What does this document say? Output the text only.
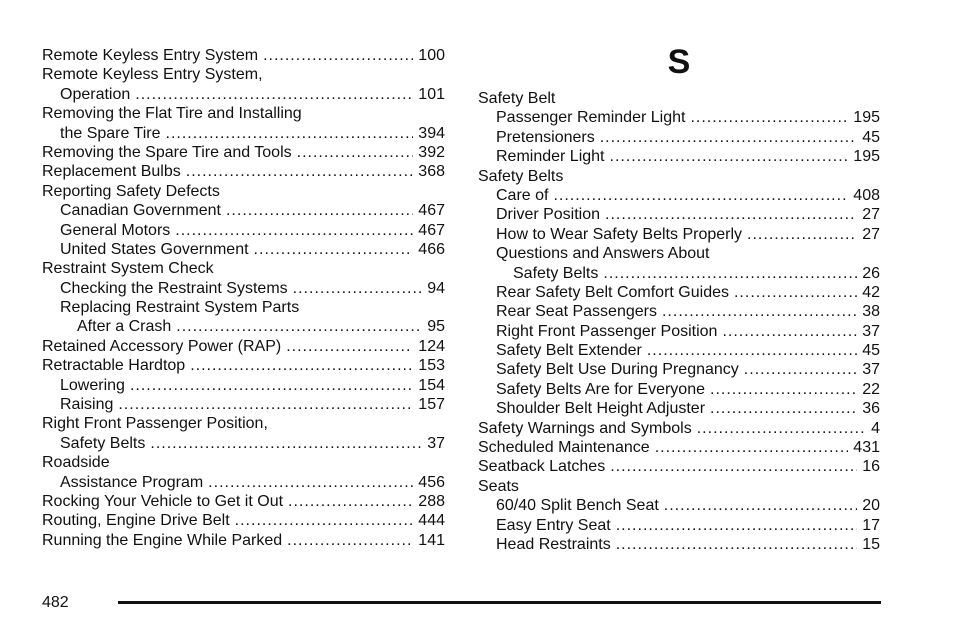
Remote Keyless Entry System .....	100
Remote Keyless Entry System,
Operation .....	101
Removing the Flat Tire and Installing
the Spare Tire .....	394
Removing the Spare Tire and Tools .....	392
Replacement Bulbs .....	368
Reporting Safety Defects
Canadian Government .....	467
General Motors .....	467
United States Government .....	466
Restraint System Check
Checking the Restraint Systems .....	94
Replacing Restraint System Parts
After a Crash .....	95
Retained Accessory Power (RAP) .....	124
Retractable Hardtop .....	153
Lowering .....	154
Raising .....	157
Right Front Passenger Position,
Safety Belts .....	37
Roadside
Assistance Program .....	456
Rocking Your Vehicle to Get it Out .....	288
Routing, Engine Drive Belt .....	444
Running the Engine While Parked .....	141
S
Safety Belt
Passenger Reminder Light .....	195
Pretensioners .....	45
Reminder Light .....	195
Safety Belts
Care of .....	408
Driver Position .....	27
How to Wear Safety Belts Properly .....	27
Questions and Answers About
Safety Belts .....	26
Rear Safety Belt Comfort Guides .....	42
Rear Seat Passengers .....	38
Right Front Passenger Position .....	37
Safety Belt Extender .....	45
Safety Belt Use During Pregnancy .....	37
Safety Belts Are for Everyone .....	22
Shoulder Belt Height Adjuster .....	36
Safety Warnings and Symbols .....	4
Scheduled Maintenance .....	431
Seatback Latches .....	16
Seats
60/40 Split Bench Seat .....	20
Easy Entry Seat .....	17
Head Restraints .....	15
482
